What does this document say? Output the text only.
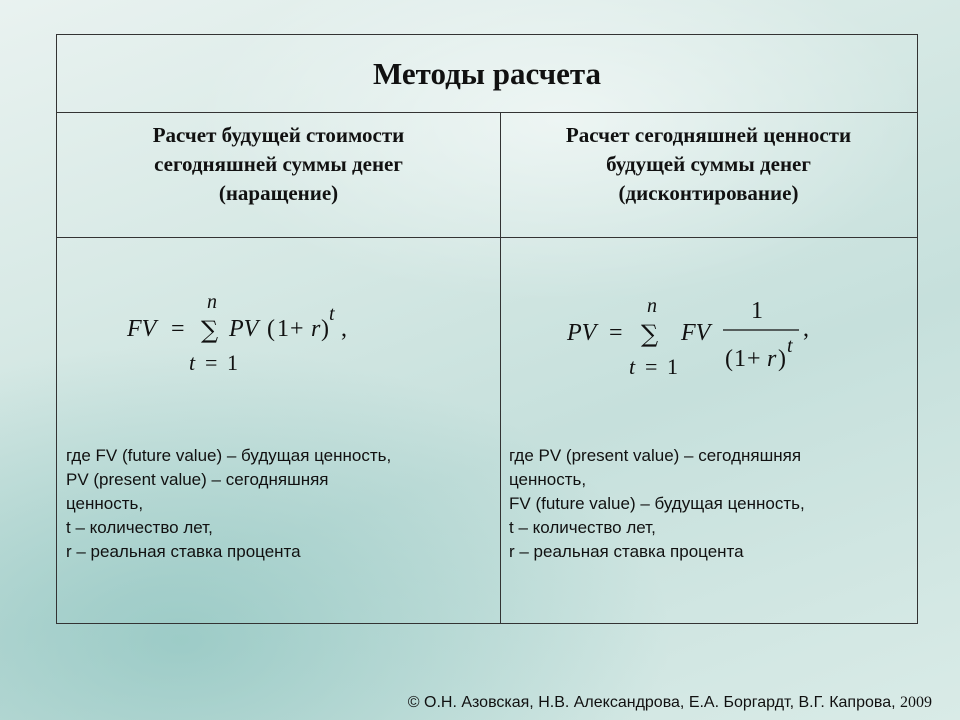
Методы расчета
Расчет будущей стоимости
сегодняшней суммы денег
(наращение)
Расчет сегодняшней ценности
будущей суммы денег
(дисконтирование)
FV =
n
∑
t = 1
PV ( 1 + r )
t
,	PV =
n
∑
t = 1
FV
1
( 1 + r ) t
,
где FV (future value) – будущая ценность,
PV (present value) – сегодняшняя
ценность,
t – количество лет,
r – реальная ставка процента
где PV (present value) – сегодняшняя
ценность,
FV (future value) – будущая ценность,
t – количество лет,
r – реальная ставка процента
© О.Н. Азовская, Н.В. Александрова, Е.А. Боргардт, В.Г. Капрова, 2009
